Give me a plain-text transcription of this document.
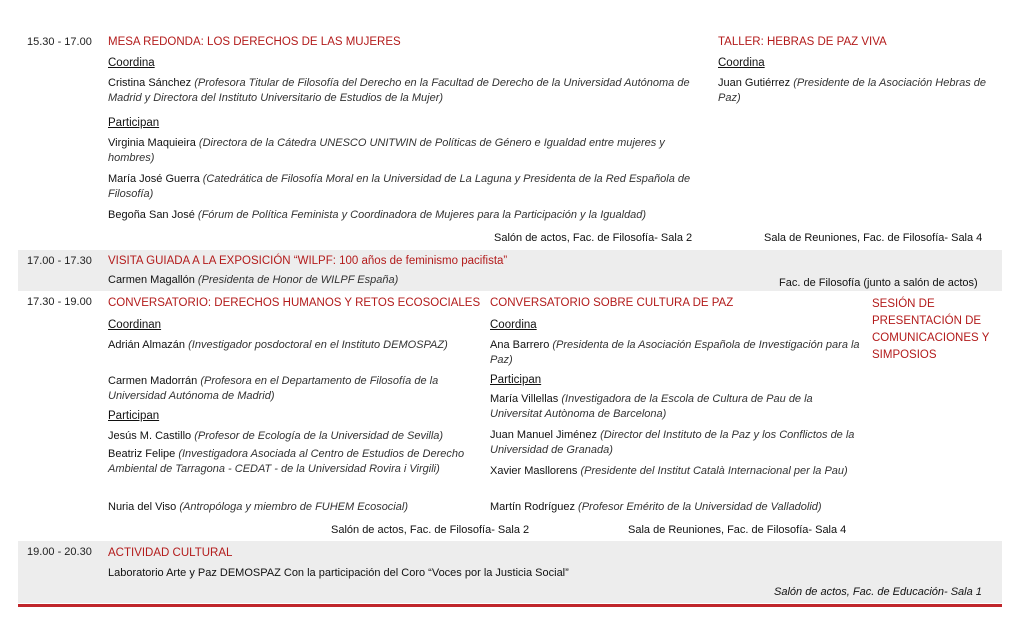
15.30 - 17.00 MESA REDONDA: LOS DERECHOS DE LAS MUJERES
Coordina
Cristina Sánchez (Profesora Titular de Filosofía del Derecho en la Facultad de Derecho de la Universidad Autónoma de Madrid y Directora del Instituto Universitario de Estudios de la Mujer)
Participan
Virginia Maquieira (Directora de la Cátedra UNESCO UNITWIN de Políticas de Género e Igualdad entre mujeres y hombres)
María José Guerra (Catedrática de Filosofía Moral en la Universidad de La Laguna y Presidenta de la Red Española de Filosofía)
Begoña San José (Fórum de Política Feminista y Coordinadora de Mujeres para la Participación y la Igualdad)
Salón de actos, Fac. de Filosofía- Sala 2
TALLER: HEBRAS DE PAZ VIVA
Coordina
Juan Gutiérrez (Presidente de la Asociación Hebras de Paz)
Sala de Reuniones, Fac. de Filosofía- Sala 4
17.00 - 17.30 VISITA GUIADA A LA EXPOSICIÓN “WILPF: 100 años de feminismo pacifista”
Carmen Magallón (Presidenta de Honor de WILPF España)	Fac. de Filosofía (junto a salón de actos)
17.30 - 19.00 CONVERSATORIO: DERECHOS HUMANOS Y RETOS ECOSOCIALES
Coordinan
Adrián Almazán (Investigador posdoctoral en el Instituto DEMOSPAZ)
Carmen Madorrán (Profesora en el Departamento de Filosofía de la Universidad Autónoma de Madrid)
Participan
Jesús M. Castillo (Profesor de Ecología de la Universidad de Sevilla)
Beatriz Felipe (Investigadora Asociada al Centro de Estudios de Derecho Ambiental de Tarragona - CEDAT - de la Universidad Rovira i Virgili)
Nuria del Viso (Antropóloga y miembro de FUHEM Ecosocial)
Salón de actos, Fac. de Filosofía- Sala 2
CONVERSATORIO SOBRE CULTURA DE PAZ
Coordina
Ana Barrero (Presidenta de la Asociación Española de Investigación para la Paz)
Participan
María Villellas (Investigadora de la Escola de Cultura de Pau de la Universitat Autònoma de Barcelona)
Juan Manuel Jiménez (Director del Instituto de la Paz y los Conflictos de la Universidad de Granada)
Xavier Masllorens (Presidente del Institut Català Internacional per la Pau)
Martín Rodríguez (Profesor Emérito de la Universidad de Valladolid)
Sala de Reuniones, Fac. de Filosofía- Sala 4
SESIÓN DE PRESENTACIÓN DE COMUNICACIONES Y SIMPOSIOS
19.00 - 20.30 ACTIVIDAD CULTURAL
Laboratorio Arte y Paz DEMOSPAZ Con la participación del Coro “Voces por la Justicia Social”
Salón de actos, Fac. de Educación- Sala 1
